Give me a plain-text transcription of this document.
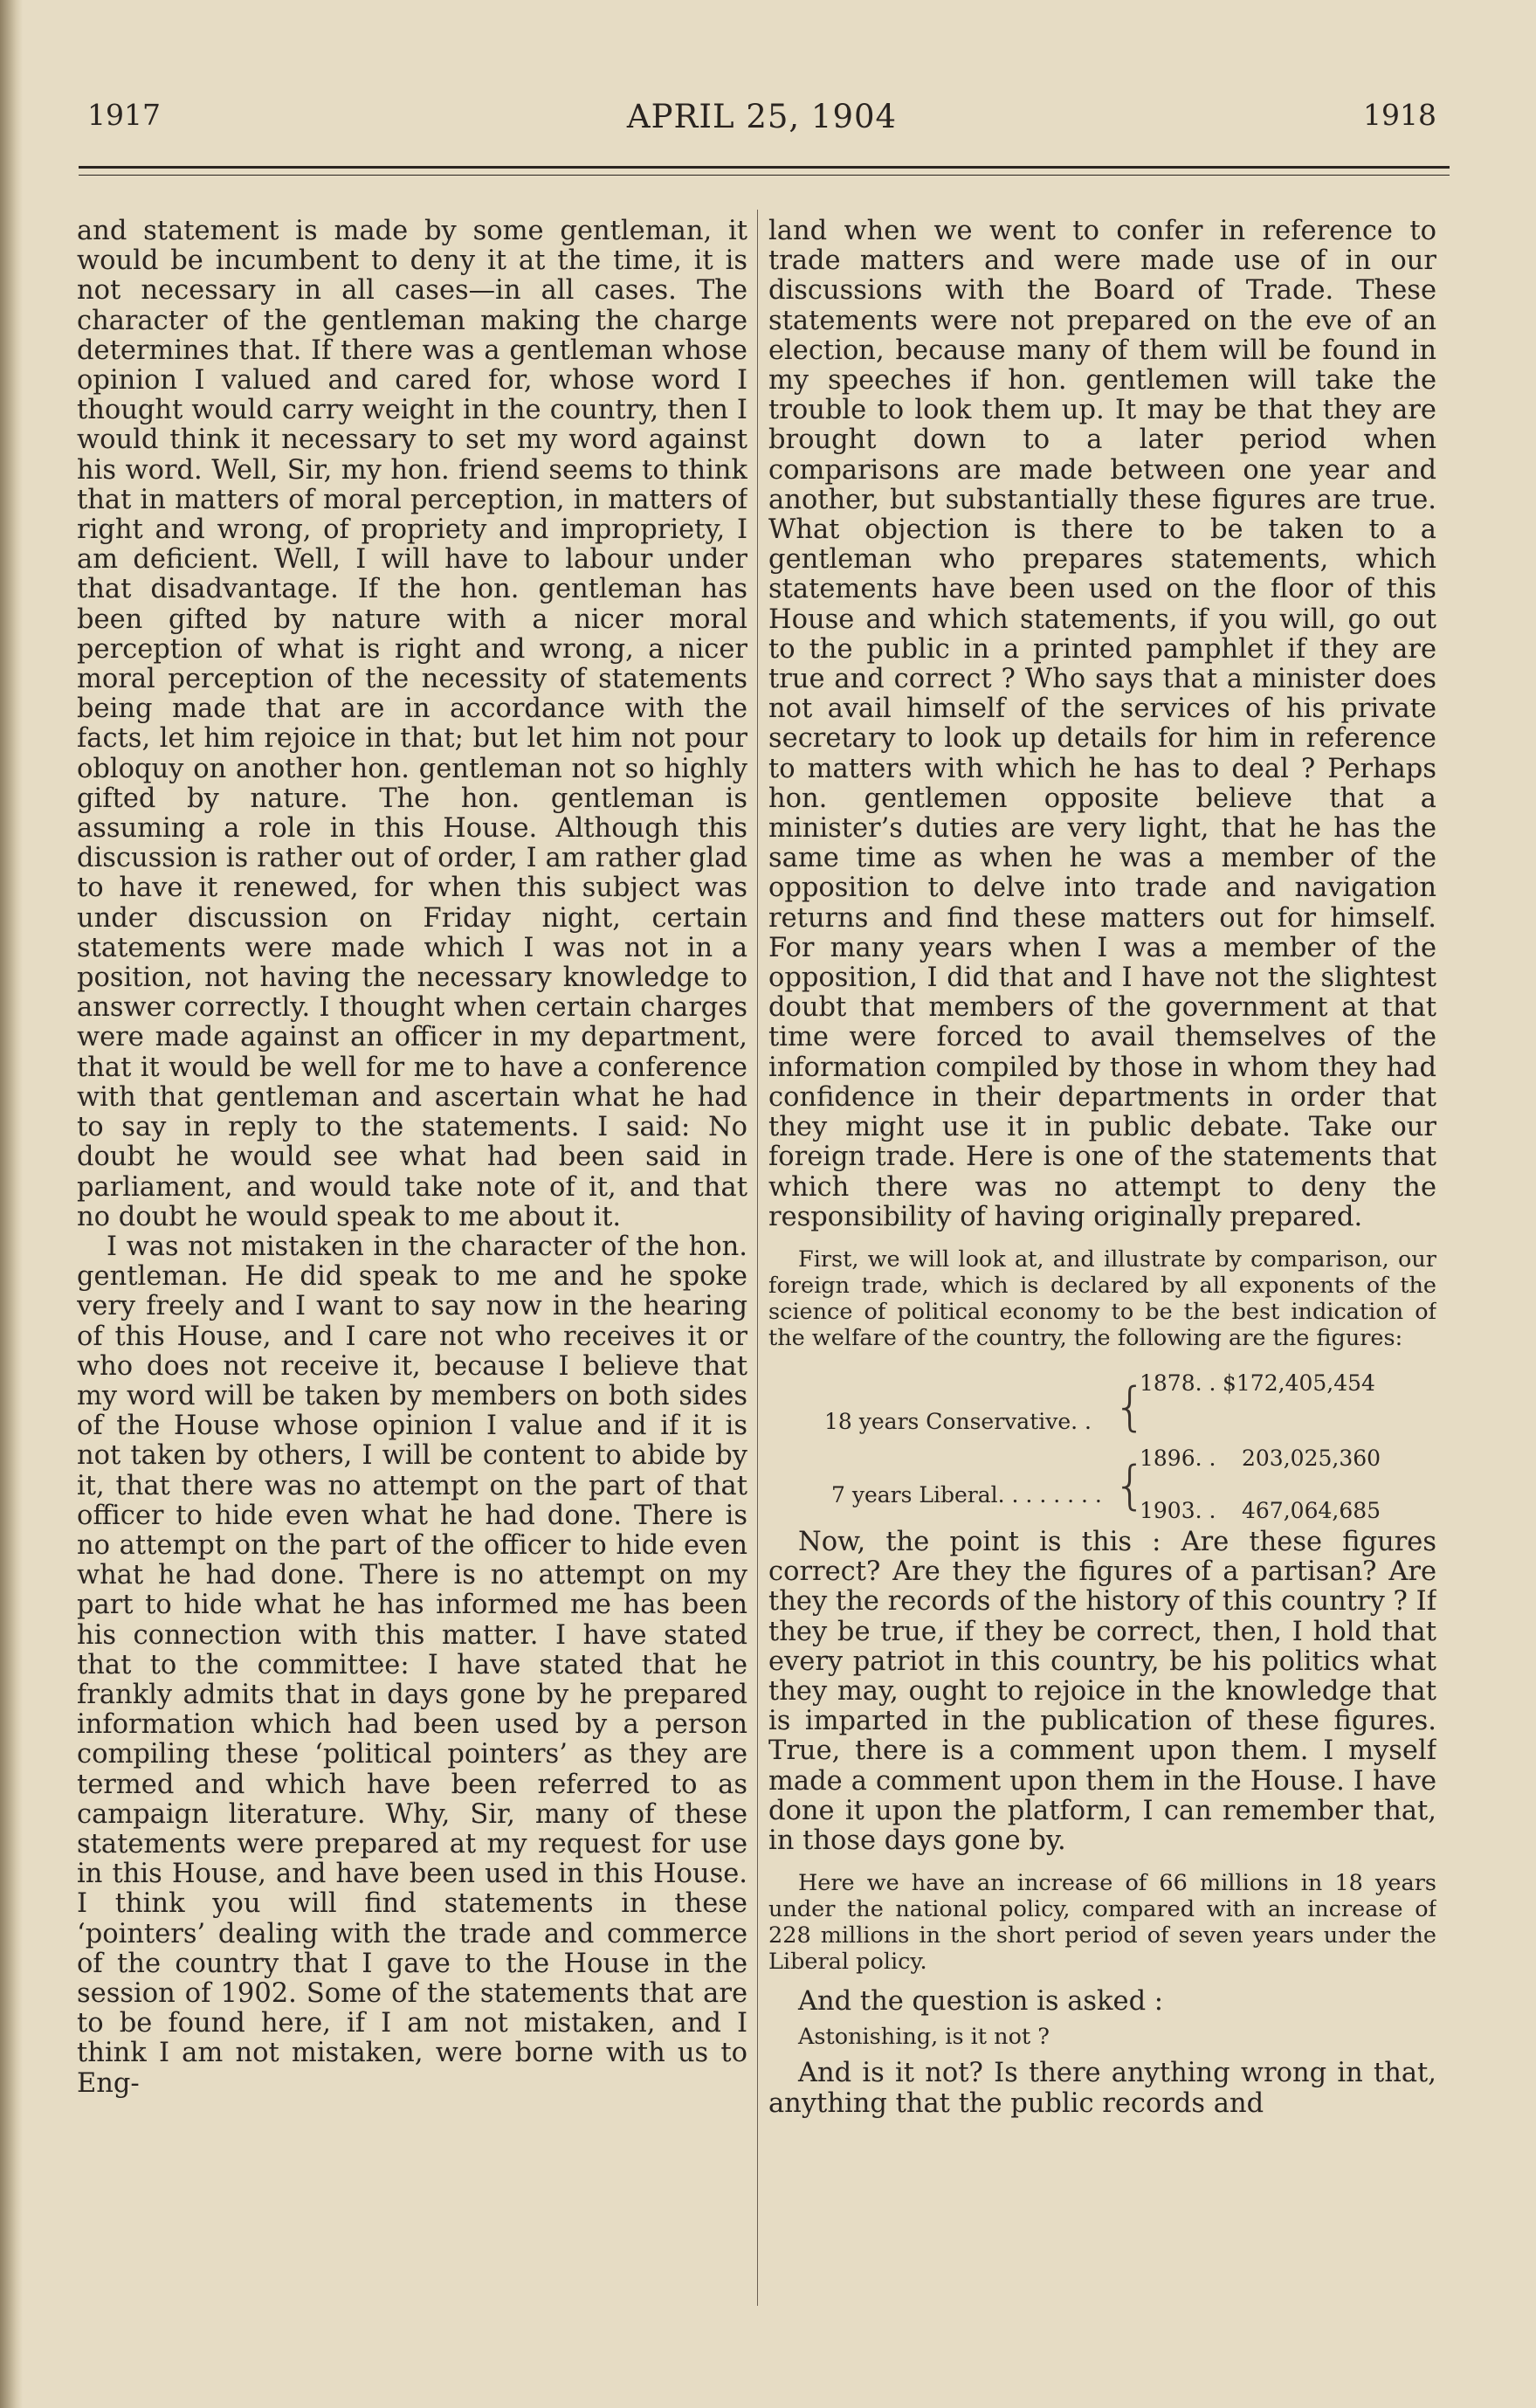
1917	APRIL 25, 1904	1918

and statement is made by some gentleman, it would be incumbent to deny it at the time, it is not necessary in all cases—in all cases. The character of the gentleman making the charge determines that. If there was a gentleman whose opinion I valued and cared for, whose word I thought would carry weight in the country, then I would think it necessary to set my word against his word. Well, Sir, my hon. friend seems to think that in matters of moral perception, in matters of right and wrong, of propriety and impropriety, I am deficient. Well, I will have to labour under that disadvantage. If the hon. gentleman has been gifted by nature with a nicer moral perception of what is right and wrong, a nicer moral perception of the necessity of statements being made that are in accordance with the facts, let him rejoice in that; but let him not pour obloquy on another hon. gentleman not so highly gifted by nature. The hon. gentleman is assuming a role in this House. Although this discussion is rather out of order, I am rather glad to have it renewed, for when this subject was under discussion on Friday night, certain statements were made which I was not in a position, not having the necessary knowledge to answer correctly. I thought when certain charges were made against an officer in my department, that it would be well for me to have a conference with that gentleman and ascertain what he had to say in reply to the statements. I said: No doubt he would see what had been said in parliament, and would take note of it, and that no doubt he would speak to me about it.

I was not mistaken in the character of the hon. gentleman. He did speak to me and he spoke very freely and I want to say now in the hearing of this House, and I care not who receives it or who does not receive it, because I believe that my word will be taken by members on both sides of the House whose opinion I value and if it is not taken by others, I will be content to abide by it, that there was no attempt on the part of that officer to hide even what he had done. There is no attempt on the part of the officer to hide even what he had done. There is no attempt on my part to hide what he has informed me has been his connection with this matter. I have stated that to the committee: I have stated that he frankly admits that in days gone by he prepared information which had been used by a person compiling these ‘political pointers’ as they are termed and which have been referred to as campaign literature. Why, Sir, many of these statements were prepared at my request for use in this House, and have been used in this House. I think you will find statements in these ‘pointers’ dealing with the trade and commerce of the country that I gave to the House in the session of 1902. Some of the statements that are to be found here, if I am not mistaken, and I think I am not mistaken, were borne with us to Eng-

land when we went to confer in reference to trade matters and were made use of in our discussions with the Board of Trade. These statements were not prepared on the eve of an election, because many of them will be found in my speeches if hon. gentlemen will take the trouble to look them up. It may be that they are brought down to a later period when comparisons are made between one year and another, but substantially these figures are true. What objection is there to be taken to a gentleman who prepares statements, which statements have been used on the floor of this House and which statements, if you will, go out to the public in a printed pamphlet if they are true and correct ? Who says that a minister does not avail himself of the services of his private secretary to look up details for him in reference to matters with which he has to deal ? Perhaps hon. gentlemen opposite believe that a minister’s duties are very light, that he has the same time as when he was a member of the opposition to delve into trade and navigation returns and find these matters out for himself. For many years when I was a member of the opposition, I did that and I have not the slightest doubt that members of the government at that time were forced to avail themselves of the information compiled by those in whom they had confidence in their departments in order that they might use it in public debate. Take our foreign trade. Here is one of the statements that which there was no attempt to deny the responsibility of having originally prepared.

First, we will look at, and illustrate by comparison, our foreign trade, which is declared by all exponents of the science of political economy to be the best indication of the welfare of the country, the following are the figures:

18 years Conservative. . {
1878. . $172,405,454
1896. . 203,025,360
7 years Liberal. . . . . . . . {
1903. . 467,064,685

Now, the point is this : Are these figures correct? Are they the figures of a partisan? Are they the records of the history of this country ? If they be true, if they be correct, then, I hold that every patriot in this country, be his politics what they may, ought to rejoice in the knowledge that is imparted in the publication of these figures. True, there is a comment upon them. I myself made a comment upon them in the House. I have done it upon the platform, I can remember that, in those days gone by.

Here we have an increase of 66 millions in 18 years under the national policy, compared with an increase of 228 millions in the short period of seven years under the Liberal policy.

And the question is asked :

Astonishing, is it not ?

And is it not? Is there anything wrong in that, anything that the public records and
